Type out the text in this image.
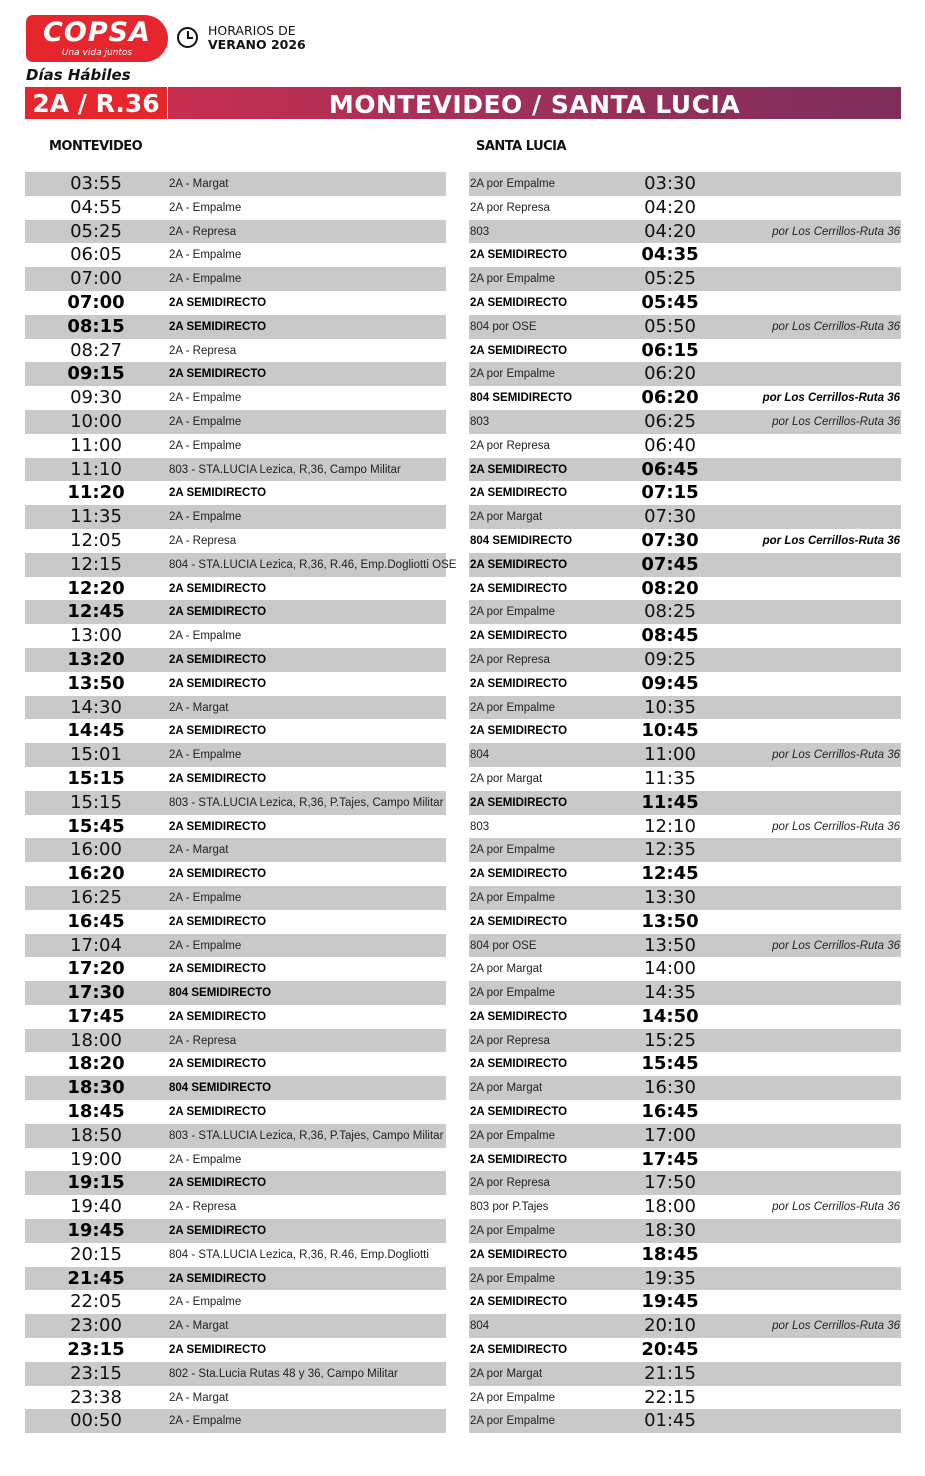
COPSA
Una vida juntos
HORARIOS DE
VERANO 2026
Días Hábiles
2A / R.36	MONTEVIDEO / SANTA LUCIA
MONTEVIDEO	SANTA LUCIA
03:55	2A - Margat
04:55	2A - Empalme
05:25	2A - Represa
06:05	2A - Empalme
07:00	2A - Empalme
07:00	2A SEMIDIRECTO
08:15	2A SEMIDIRECTO
08:27	2A - Represa
09:15	2A SEMIDIRECTO
09:30	2A - Empalme
10:00	2A - Empalme
11:00	2A - Empalme
11:10	803 - STA.LUCIA Lezica, R,36, Campo Militar
11:20	2A SEMIDIRECTO
11:35	2A - Empalme
12:05	2A - Represa
12:15	804 - STA.LUCIA Lezica, R,36, R.46, Emp.Dogliotti OSE
12:20	2A SEMIDIRECTO
12:45	2A SEMIDIRECTO
13:00	2A - Empalme
13:20	2A SEMIDIRECTO
13:50	2A SEMIDIRECTO
14:30	2A - Margat
14:45	2A SEMIDIRECTO
15:01	2A - Empalme
15:15	2A SEMIDIRECTO
15:15	803 - STA.LUCIA Lezica, R,36, P.Tajes, Campo Militar
15:45	2A SEMIDIRECTO
16:00	2A - Margat
16:20	2A SEMIDIRECTO
16:25	2A - Empalme
16:45	2A SEMIDIRECTO
17:04	2A - Empalme
17:20	2A SEMIDIRECTO
17:30	804 SEMIDIRECTO
17:45	2A SEMIDIRECTO
18:00	2A - Represa
18:20	2A SEMIDIRECTO
18:30	804 SEMIDIRECTO
18:45	2A SEMIDIRECTO
18:50	803 - STA.LUCIA Lezica, R,36, P.Tajes, Campo Militar
19:00	2A - Empalme
19:15	2A SEMIDIRECTO
19:40	2A - Represa
19:45	2A SEMIDIRECTO
20:15	804 - STA.LUCIA Lezica, R,36, R.46, Emp.Dogliotti
21:45	2A SEMIDIRECTO
22:05	2A - Empalme
23:00	2A - Margat
23:15	2A SEMIDIRECTO
23:15	802 - Sta.Lucia Rutas 48 y 36, Campo Militar
23:38	2A - Margat
00:50	2A - Empalme
2A por Empalme	03:30
2A por Represa	04:20
803	04:20	por Los Cerrillos-Ruta 36
2A SEMIDIRECTO	04:35
2A por Empalme	05:25
2A SEMIDIRECTO	05:45
804 por OSE	05:50	por Los Cerrillos-Ruta 36
2A SEMIDIRECTO	06:15
2A por Empalme	06:20
804 SEMIDIRECTO	06:20	por Los Cerrillos-Ruta 36
803	06:25	por Los Cerrillos-Ruta 36
2A por Represa	06:40
2A SEMIDIRECTO	06:45
2A SEMIDIRECTO	07:15
2A por Margat	07:30
804 SEMIDIRECTO	07:30	por Los Cerrillos-Ruta 36
2A SEMIDIRECTO	07:45
2A SEMIDIRECTO	08:20
2A por Empalme	08:25
2A SEMIDIRECTO	08:45
2A por Represa	09:25
2A SEMIDIRECTO	09:45
2A por Empalme	10:35
2A SEMIDIRECTO	10:45
804	11:00	por Los Cerrillos-Ruta 36
2A por Margat	11:35
2A SEMIDIRECTO	11:45
803	12:10	por Los Cerrillos-Ruta 36
2A por Empalme	12:35
2A SEMIDIRECTO	12:45
2A por Empalme	13:30
2A SEMIDIRECTO	13:50
804 por OSE	13:50	por Los Cerrillos-Ruta 36
2A por Margat	14:00
2A por Empalme	14:35
2A SEMIDIRECTO	14:50
2A por Represa	15:25
2A SEMIDIRECTO	15:45
2A por Margat	16:30
2A SEMIDIRECTO	16:45
2A por Empalme	17:00
2A SEMIDIRECTO	17:45
2A por Represa	17:50
803 por P.Tajes	18:00	por Los Cerrillos-Ruta 36
2A por Empalme	18:30
2A SEMIDIRECTO	18:45
2A por Empalme	19:35
2A SEMIDIRECTO	19:45
804	20:10	por Los Cerrillos-Ruta 36
2A SEMIDIRECTO	20:45
2A por Margat	21:15
2A por Empalme	22:15
2A por Empalme	01:45
